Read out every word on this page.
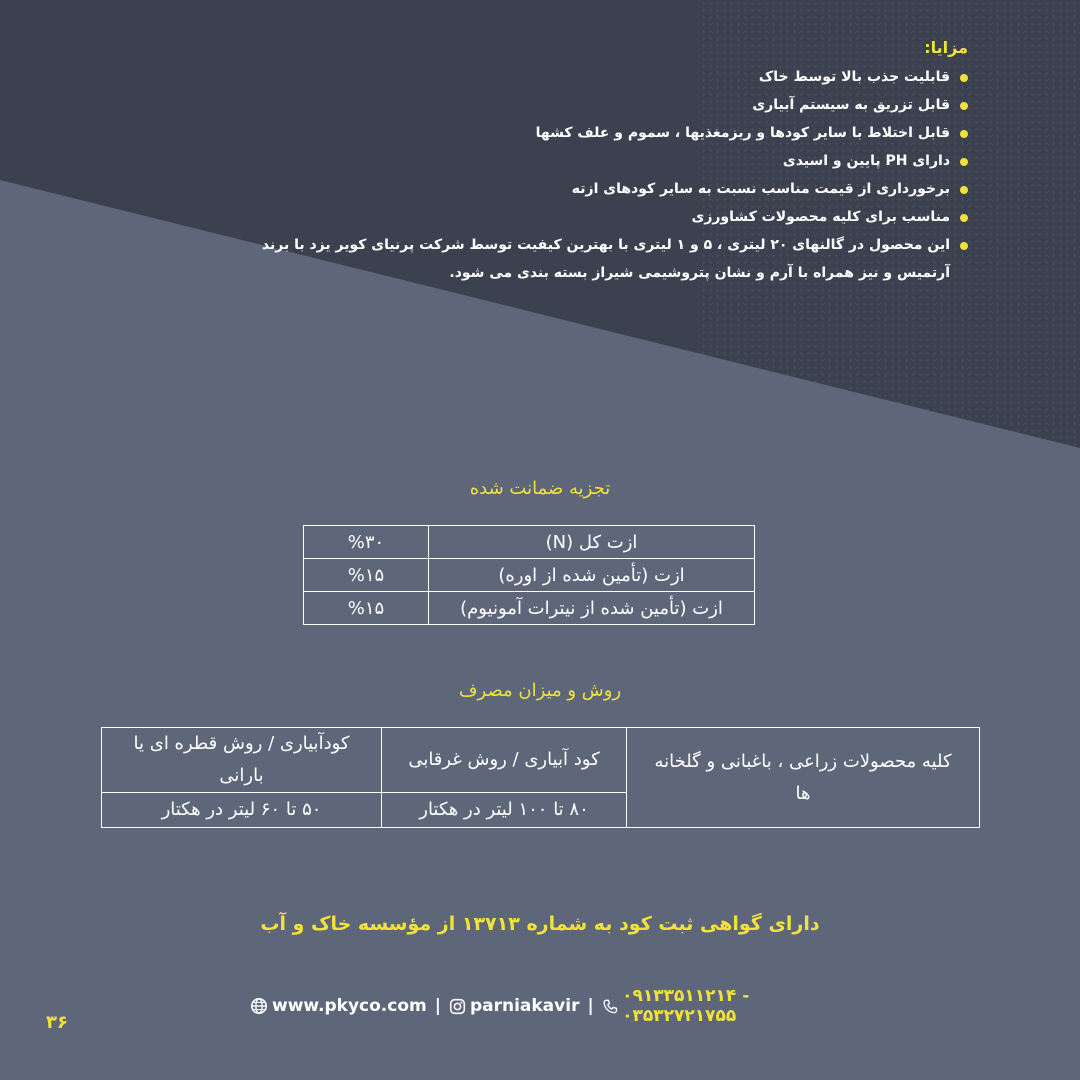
مزایا:
قابلیت جذب بالا توسط خاک
قابل تزریق به سیستم آبیاری
قابل اختلاط با سایر کودها و ریزمغذیها ، سموم و علف کشها
دارای PH پایین و اسیدی
برخورداری از قیمت مناسب نسبت به سایر کودهای ازته
مناسب برای کلیه محصولات کشاورزی
این محصول در گالنهای ۲۰ لیتری ، ۵ و ۱ لیتری با بهترین کیفیت توسط شرکت پرنیای کویر یزد با برند آرتمیس و نیز همراه با آرم و نشان پتروشیمی شیراز بسته بندی می شود.
تجزیه ضمانت شده
ازت کل (N)	%۳۰
ازت (تأمین شده از اوره)	%۱۵
ازت (تأمین شده از نیترات آمونیوم)	%۱۵
روش و میزان مصرف
کلیه محصولات زراعی ، باغبانی و گلخانه ها	کود آبیاری / روش غرقابی	کودآبیاری / روش قطره ای یا بارانی
	۸۰ تا ۱۰۰ لیتر در هکتار	۵۰ تا ۶۰ لیتر در هکتار
دارای گواهی ثبت کود به شماره ۱۳۷۱۳ از مؤسسه خاک و آب
www.pkyco.com | parniakavir | ۰۹۱۳۳۵۱۱۲۱۴ - ۰۳۵۳۲۷۲۱۷۵۵
۳۶
